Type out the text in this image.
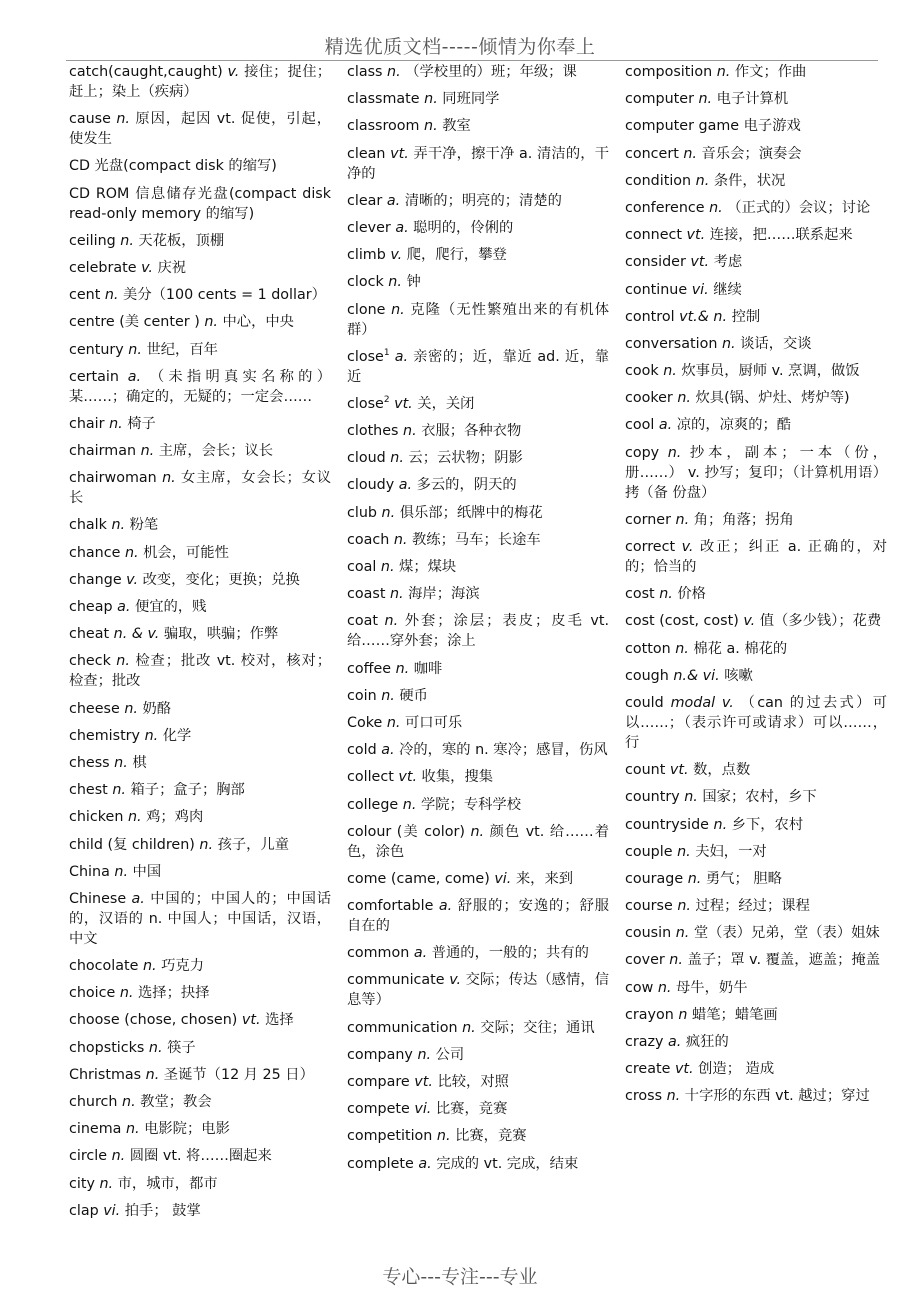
精选优质文档-----倾情为你奉上
catch(caught,caught) v. 接住；捉住；赶上；染上（疾病）
cause n. 原因，起因 vt. 促使，引起，使发生
CD 光盘(compact disk 的缩写)
CD ROM 信息储存光盘(compact disk read-only memory 的缩写)
ceiling n. 天花板，顶棚
celebrate v. 庆祝
cent n. 美分（100 cents = 1 dollar）
centre (美 center ) n. 中心，中央
century n. 世纪，百年
certain a. （未指明真实名称的）某……；确定的，无疑的；一定会……
chair n. 椅子
chairman n. 主席，会长；议长
chairwoman n. 女主席，女会长；女议长
chalk n. 粉笔
chance n. 机会，可能性
change v. 改变，变化；更换；兑换
cheap a. 便宜的，贱
cheat n. & v. 骗取，哄骗；作弊
check n. 检查；批改 vt. 校对，核对； 检查；批改
cheese n. 奶酪
chemistry n. 化学
chess n. 棋
chest n. 箱子；盒子；胸部
chicken n. 鸡；鸡肉
child (复 children) n. 孩子，儿童
China n. 中国
Chinese a. 中国的；中国人的；中国话的，汉语的 n. 中国人；中国话，汉语，中文
chocolate n. 巧克力
choice n. 选择；抉择
choose (chose, chosen) vt. 选择
chopsticks n. 筷子
Christmas n. 圣诞节（12 月 25 日）
church n. 教堂；教会
cinema n. 电影院；电影
circle n. 圆圈 vt. 将……圈起来
city n. 市，城市，都市
clap vi. 拍手； 鼓掌
class n. （学校里的）班；年级；课
classmate n. 同班同学
classroom n. 教室
clean vt. 弄干净，擦干净 a. 清洁的，干净的
clear a. 清晰的；明亮的；清楚的
clever a. 聪明的，伶俐的
climb v. 爬，爬行，攀登
clock n. 钟
clone n. 克隆（无性繁殖出来的有机体群）
close$^1$ a. 亲密的；近，靠近 ad. 近，靠近
close$^2$ vt. 关，关闭
clothes n. 衣服；各种衣物
cloud n. 云；云状物；阴影
cloudy a. 多云的，阴天的
club n. 俱乐部；纸牌中的梅花
coach n. 教练；马车；长途车
coal n. 煤；煤块
coast n. 海岸；海滨
coat n. 外套；涂层；表皮；皮毛 vt. 给……穿外套；涂上
coffee n. 咖啡
coin n. 硬币
Coke n. 可口可乐
cold a. 冷的，寒的 n. 寒冷；感冒，伤风
collect vt. 收集，搜集
college n. 学院；专科学校
colour (美 color) n. 颜色 vt. 给……着色，涂色
come (came, come) vi. 来，来到
comfortable a. 舒服的；安逸的；舒服自在的
common a. 普通的，一般的；共有的
communicate v. 交际；传达（感情，信息等）
communication n. 交际；交往；通讯
company n. 公司
compare vt. 比较，对照
compete vi. 比赛，竞赛
competition n. 比赛，竞赛
complete a. 完成的 vt. 完成，结束
composition n. 作文；作曲
computer n. 电子计算机
computer game 电子游戏
concert n. 音乐会；演奏会
condition n. 条件，状况
conference n. （正式的）会议；讨论
connect vt. 连接，把……联系起来
consider vt. 考虑
continue vi. 继续
control vt.& n. 控制
conversation n. 谈话，交谈
cook n. 炊事员，厨师 v. 烹调，做饭
cooker n. 炊具(锅、炉灶、烤炉等)
cool a. 凉的，凉爽的；酷
copy n. 抄本，副本；一本（份，册……） v. 抄写；复印；（计算机用语）拷（备 份盘）
corner n. 角；角落；拐角
correct v. 改正；纠正 a. 正确的，对的；恰当的
cost n. 价格
cost (cost, cost) v. 值（多少钱）；花费
cotton n. 棉花 a. 棉花的
cough n.& vi. 咳嗽
could modal v. （can 的过去式）可以……；（表示许可或请求）可以……，行
count vt. 数，点数
country n. 国家；农村，乡下
countryside n. 乡下，农村
couple n. 夫妇，一对
courage n. 勇气； 胆略
course n. 过程；经过；课程
cousin n. 堂（表）兄弟，堂（表）姐妹
cover n. 盖子；罩 v. 覆盖，遮盖；掩盖
cow n. 母牛，奶牛
crayon n 蜡笔；蜡笔画
crazy a. 疯狂的
create vt. 创造； 造成
cross n. 十字形的东西 vt. 越过；穿过
专心---专注---专业
